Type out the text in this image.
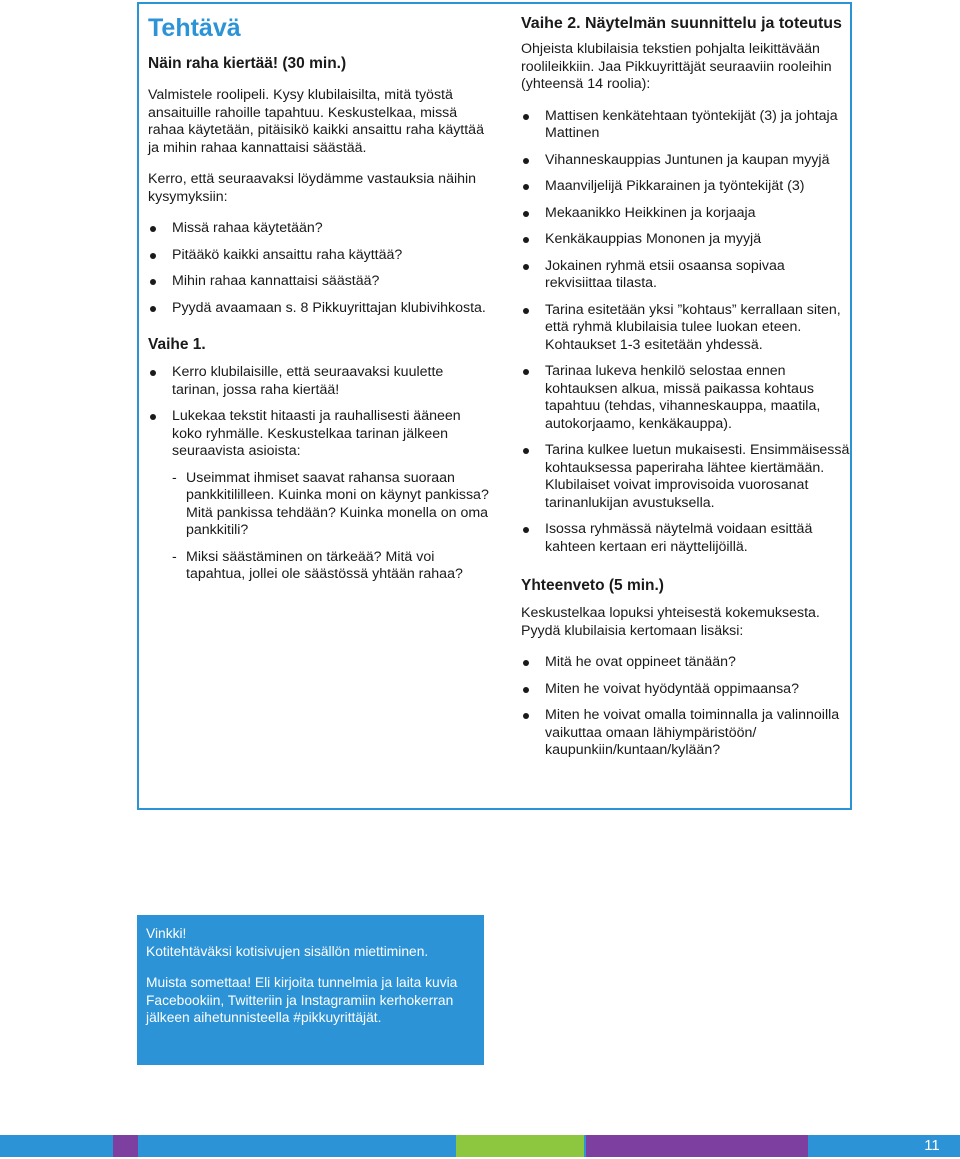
Tehtävä
Näin raha kiertää! (30 min.)

Valmistele roolipeli. Kysy klubilaisilta, mitä työstä ansaituille rahoille tapahtuu. Keskustelkaa, missä rahaa käytetään, pitäisikö kaikki ansaittu raha käyttää ja mihin rahaa kannattaisi säästää.

Kerro, että seuraavaksi löydämme vastauksia näihin kysymyksiin:

Missä rahaa käytetään?
Pitääkö kaikki ansaittu raha käyttää?
Mihin rahaa kannattaisi säästää?
Pyydä avaamaan s. 8 Pikkuyrittajan klubivihkosta.
Vaihe 1.
Kerro klubilaisille, että seuraavaksi kuulette tarinan, jossa raha kiertää!
Lukekaa tekstit hitaasti ja rauhallisesti ääneen koko ryhmälle. Keskustelkaa tarinan jälkeen seuraavista asioista:
- Useimmat ihmiset saavat rahansa suoraan pankkitililleen. Kuinka moni on käynyt pankissa? Mitä pankissa tehdään? Kuinka monella on oma pankkitili?
- Miksi säästäminen on tärkeää? Mitä voi tapahtua, jollei ole säästössä yhtään rahaa?
Vaihe 2. Näytelmän suunnittelu ja toteutus

Ohjeista klubilaisia tekstien pohjalta leikittävään roolileikkiin. Jaa Pikkuyrittäjät seuraaviin rooleihin (yhteensä 14 roolia):

Mattisen kenkätehtaan työntekijät (3) ja johtaja Mattinen
Vihanneskauppias Juntunen ja kaupan myyjä
Maanviljelijä Pikkarainen ja työntekijät (3)
Mekaanikko Heikkinen ja korjaaja
Kenkäkauppias Mononen ja myyjä
Jokainen ryhmä etsii osaansa sopivaa rekvisiittaa tilasta.
Tarina esitetään yksi ”kohtaus” kerrallaan siten, että ryhmä klubilaisia tulee luokan eteen. Kohtaukset 1-3 esitetään yhdessä.
Tarinaa lukeva henkilö selostaa ennen kohtauksen alkua, missä paikassa kohtaus tapahtuu (tehdas, vihanneskauppa, maatila, autokorjaamo, kenkäkauppa).
Tarina kulkee luetun mukaisesti. Ensimmäisessä kohtauksessa paperiraha lähtee kiertämään. Klubilaiset voivat improvisoida vuorosanat tarinanlukijan avustuksella.
Isossa ryhmässä näytelmä voidaan esittää kahteen kertaan eri näyttelijöillä.
Yhteenveto (5 min.)

Keskustelkaa lopuksi yhteisestä kokemuksesta. Pyydä klubilaisia kertomaan lisäksi:

Mitä he ovat oppineet tänään?
Miten he voivat hyödyntää oppimaansa?
Miten he voivat omalla toiminnalla ja valinnoilla vaikuttaa omaan lähiympäristöön/ kaupunkiin/kuntaan/kylään?

Vinkki!
Kotitehtäväksi kotisivujen sisällön miettiminen.

Muista somettaa! Eli kirjoita tunnelmia ja laita kuvia Facebookiin, Twitteriin ja Instagramiin kerhokerran jälkeen aihetunnisteella #pikkuyrittäjät.

11
